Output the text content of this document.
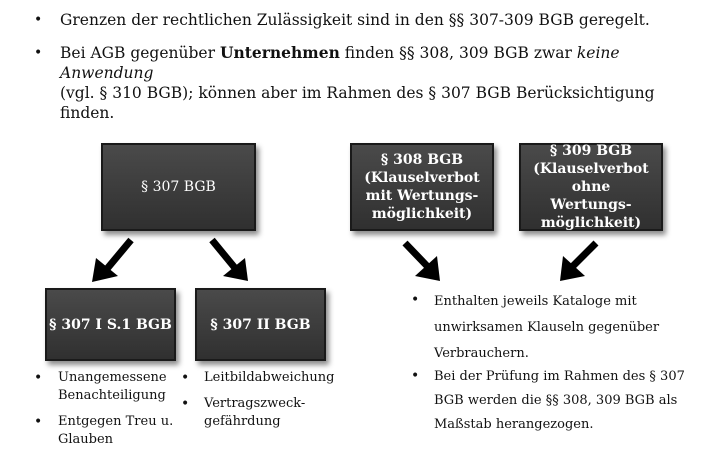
• Grenzen der rechtlichen Zulässigkeit sind in den §§ 307-309 BGB geregelt.
• Bei AGB gegenüber Unternehmen finden §§ 308, 309 BGB zwar keine Anwendung
(vgl. § 310 BGB); können aber im Rahmen des § 307 BGB Berücksichtigung finden.
§ 307 BGB
§ 308 BGB (Klauselverbot mit Wertungs-möglichkeit)
§ 309 BGB (Klauselverbot ohne Wertungs-möglichkeit)
§ 307 I S.1 BGB	§ 307 II BGB
• Unangemessene Benachteiligung
• Entgegen Treu u. Glauben
• Leitbildabweichung
• Vertragszweck-gefährdung
• Enthalten jeweils Kataloge mit unwirksamen Klauseln gegenüber Verbrauchern.
• Bei der Prüfung im Rahmen des § 307 BGB werden die §§ 308, 309 BGB als Maßstab herangezogen.
